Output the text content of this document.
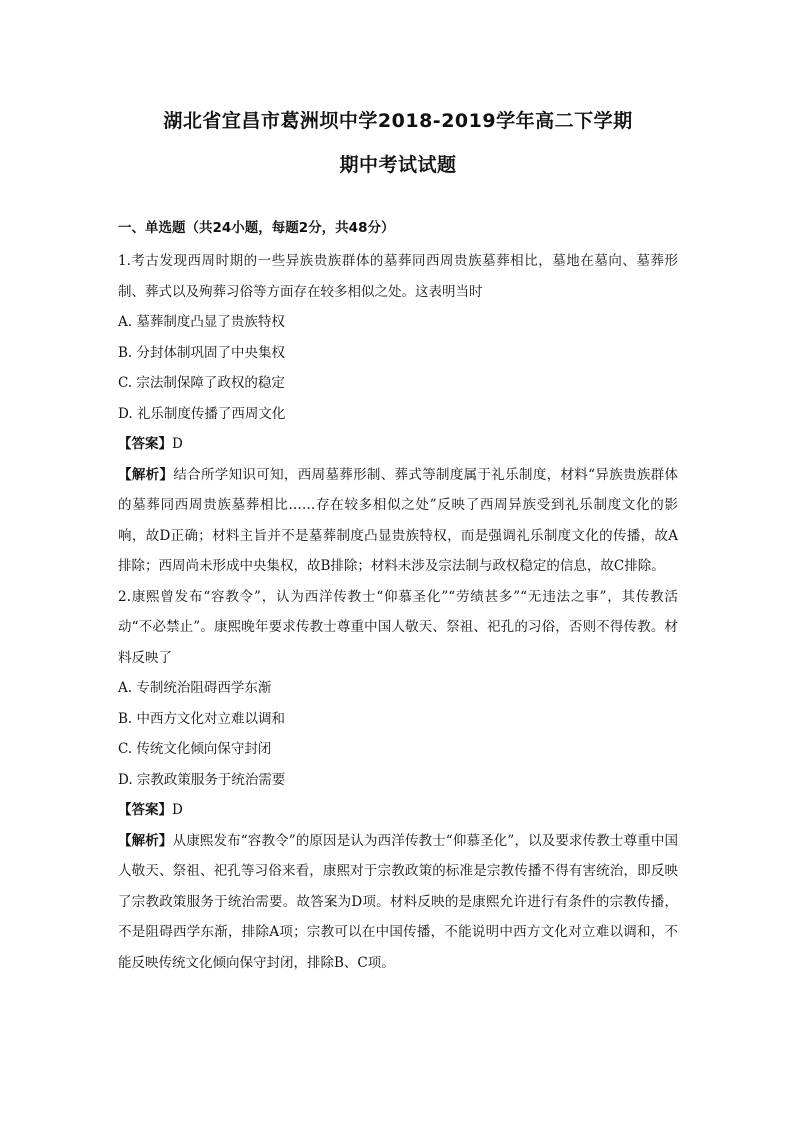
湖北省宜昌市葛洲坝中学2018-2019学年高二下学期
期中考试试题
一、单选题（共24小题，每题2分，共48分）
1.考古发现西周时期的一些异族贵族群体的墓葬同西周贵族墓葬相比，墓地在墓向、墓葬形制、葬式以及殉葬习俗等方面存在较多相似之处。这表明当时
A. 墓葬制度凸显了贵族特权
B. 分封体制巩固了中央集权
C. 宗法制保障了政权的稳定
D. 礼乐制度传播了西周文化
【答案】D
【解析】结合所学知识可知，西周墓葬形制、葬式等制度属于礼乐制度，材料“异族贵族群体的墓葬同西周贵族墓葬相比……存在较多相似之处”反映了西周异族受到礼乐制度文化的影响，故D正确；材料主旨并不是墓葬制度凸显贵族特权，而是强调礼乐制度文化的传播，故A排除；西周尚未形成中央集权，故B排除；材料未涉及宗法制与政权稳定的信息，故C排除。
2.康熙曾发布“容教令”，认为西洋传教士“仰慕圣化”“劳绩甚多”“无违法之事”，其传教活动“不必禁止”。康熙晚年要求传教士尊重中国人敬天、祭祖、祀孔的习俗，否则不得传教。材料反映了
A. 专制统治阻碍西学东渐
B. 中西方文化对立难以调和
C. 传统文化倾向保守封闭
D. 宗教政策服务于统治需要
【答案】D
【解析】从康熙发布“容教令”的原因是认为西洋传教士“仰慕圣化”，以及要求传教士尊重中国人敬天、祭祖、祀孔等习俗来看，康熙对于宗教政策的标准是宗教传播不得有害统治，即反映了宗教政策服务于统治需要。故答案为D项。材料反映的是康熙允许进行有条件的宗教传播，不是阻碍西学东渐，排除A项；宗教可以在中国传播，不能说明中西方文化对立难以调和，不能反映传统文化倾向保守封闭，排除B、C项。
